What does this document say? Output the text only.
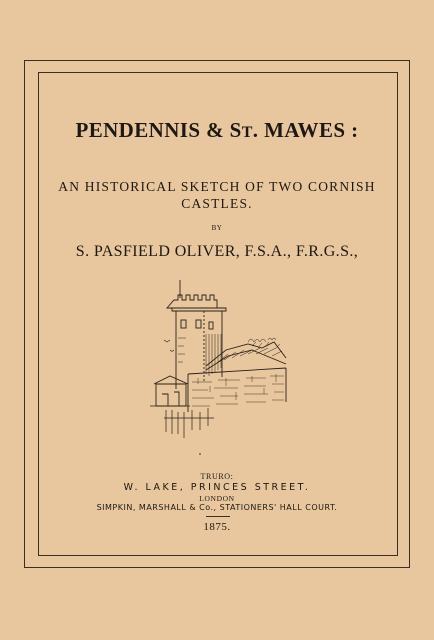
PENDENNIS & ST. MAWES :

AN HISTORICAL SKETCH OF TWO CORNISH CASTLES.

BY

S. PASFIELD OLIVER, F.S.A., F.R.G.S.,

TRURO:

W. LAKE, PRINCES STREET.

LONDON

SIMPKIN, MARSHALL & Co., STATIONERS' HALL COURT.

1875.
